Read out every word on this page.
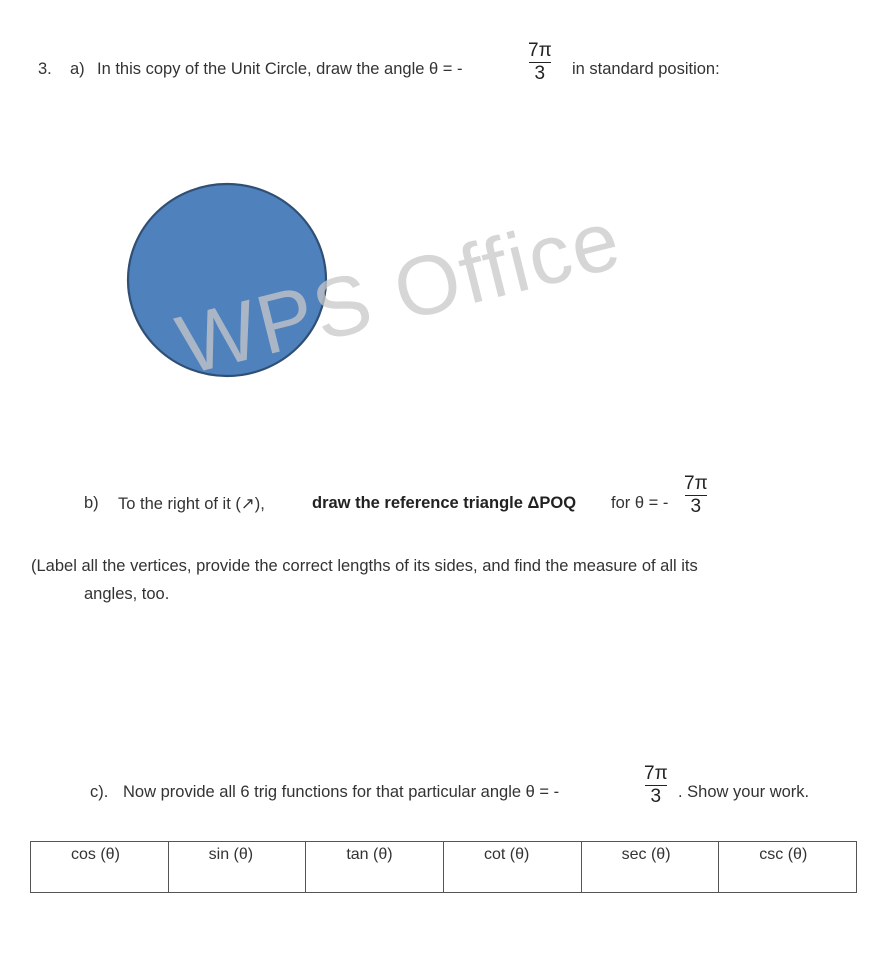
3. a) In this copy of the Unit Circle, draw the angle θ = -
7π
3 in standard position:
WPS Office
b) To the right of it (↗),	draw the reference triangle ΔPOQ for θ = -
7π
3
(Label all the vertices, provide the correct lengths of its sides, and find the measure of all its
angles, too.
c). Now provide all 6 trig functions for that particular angle θ = -
7π
3 . Show your work.
cos (θ)	sin (θ)	tan (θ)	cot (θ)	sec (θ)	csc (θ)
